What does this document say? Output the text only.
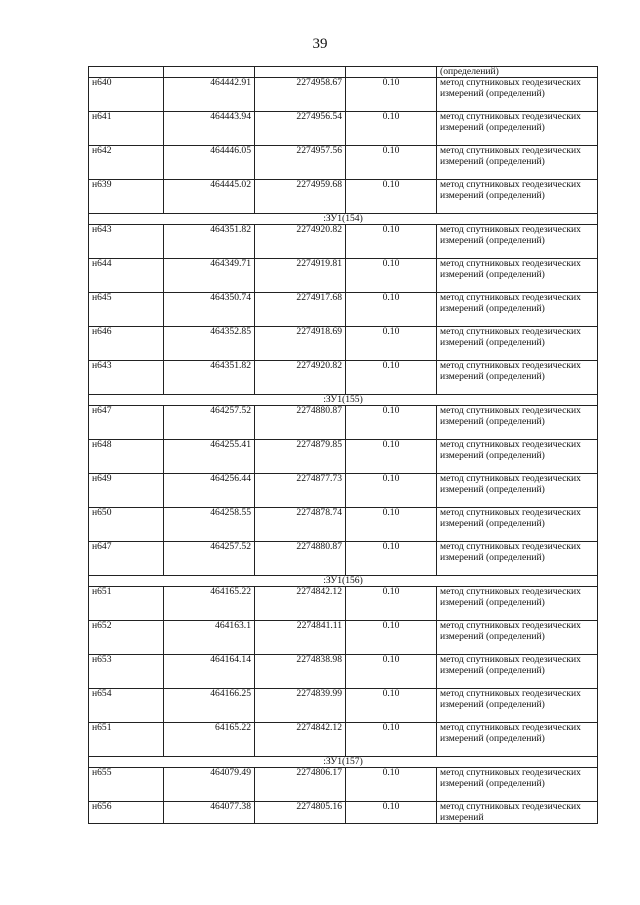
39
				(определений)
н640	464442.91	2274958.67	0.10	метод спутниковых геодезических измерений (определений)
н641	464443.94	2274956.54	0.10	метод спутниковых геодезических измерений (определений)
н642	464446.05	2274957.56	0.10	метод спутниковых геодезических измерений (определений)
н639	464445.02	2274959.68	0.10	метод спутниковых геодезических измерений (определений)
:ЗУ1(154)				
н643	464351.82	2274920.82	0.10	метод спутниковых геодезических измерений (определений)
н644	464349.71	2274919.81	0.10	метод спутниковых геодезических измерений (определений)
н645	464350.74	2274917.68	0.10	метод спутниковых геодезических измерений (определений)
н646	464352.85	2274918.69	0.10	метод спутниковых геодезических измерений (определений)
н643	464351.82	2274920.82	0.10	метод спутниковых геодезических измерений (определений)
:ЗУ1(155)				
н647	464257.52	2274880.87	0.10	метод спутниковых геодезических измерений (определений)
н648	464255.41	2274879.85	0.10	метод спутниковых геодезических измерений (определений)
н649	464256.44	2274877.73	0.10	метод спутниковых геодезических измерений (определений)
н650	464258.55	2274878.74	0.10	метод спутниковых геодезических измерений (определений)
н647	464257.52	2274880.87	0.10	метод спутниковых геодезических измерений (определений)
:ЗУ1(156)				
н651	464165.22	2274842.12	0.10	метод спутниковых геодезических измерений (определений)
н652	464163.1	2274841.11	0.10	метод спутниковых геодезических измерений (определений)
н653	464164.14	2274838.98	0.10	метод спутниковых геодезических измерений (определений)
н654	464166.25	2274839.99	0.10	метод спутниковых геодезических измерений (определений)
н651	64165.22	2274842.12	0.10	метод спутниковых геодезических измерений (определений)
:ЗУ1(157)				
н655	464079.49	2274806.17	0.10	метод спутниковых геодезических измерений (определений)
н656	464077.38	2274805.16	0.10	метод спутниковых геодезических измерений
